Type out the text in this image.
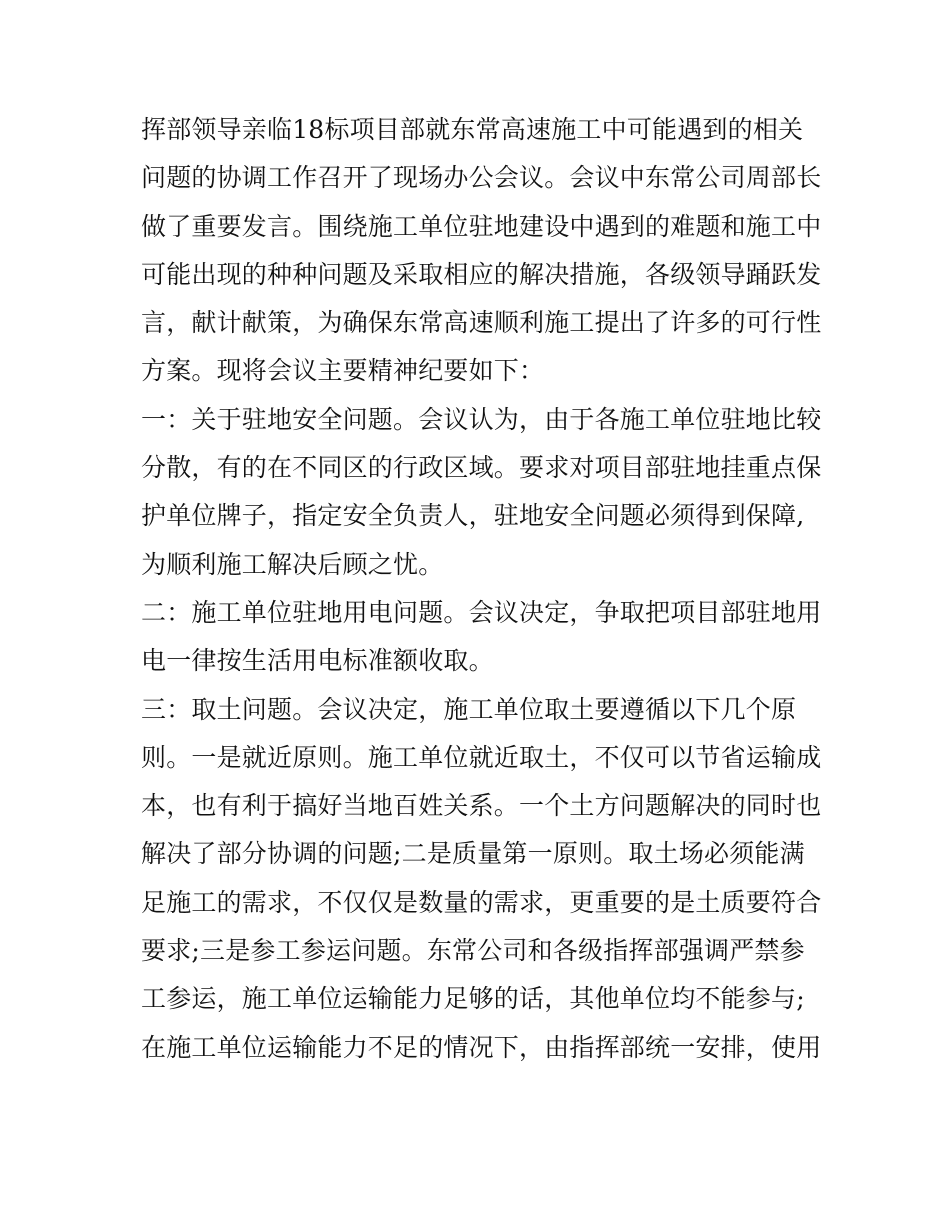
挥部领导亲临18标项目部就东常高速施工中可能遇到的相关
问题的协调工作召开了现场办公会议。会议中东常公司周部长
做了重要发言。围绕施工单位驻地建设中遇到的难题和施工中
可能出现的种种问题及采取相应的解决措施，各级领导踊跃发
言，献计献策，为确保东常高速顺利施工提出了许多的可行性
方案。现将会议主要精神纪要如下：
一：关于驻地安全问题。会议认为，由于各施工单位驻地比较
分散，有的在不同区的行政区域。要求对项目部驻地挂重点保
护单位牌子，指定安全负责人，驻地安全问题必须得到保障,
为顺利施工解决后顾之忧。
二：施工单位驻地用电问题。会议决定，争取把项目部驻地用
电一律按生活用电标准额收取。
三：取土问题。会议决定，施工单位取土要遵循以下几个原
则。一是就近原则。施工单位就近取土，不仅可以节省运输成
本，也有利于搞好当地百姓关系。一个土方问题解决的同时也
解决了部分协调的问题;二是质量第一原则。取土场必须能满
足施工的需求，不仅仅是数量的需求，更重要的是土质要符合
要求;三是参工参运问题。东常公司和各级指挥部强调严禁参
工参运，施工单位运输能力足够的话，其他单位均不能参与;
在施工单位运输能力不足的情况下，由指挥部统一安排，使用
